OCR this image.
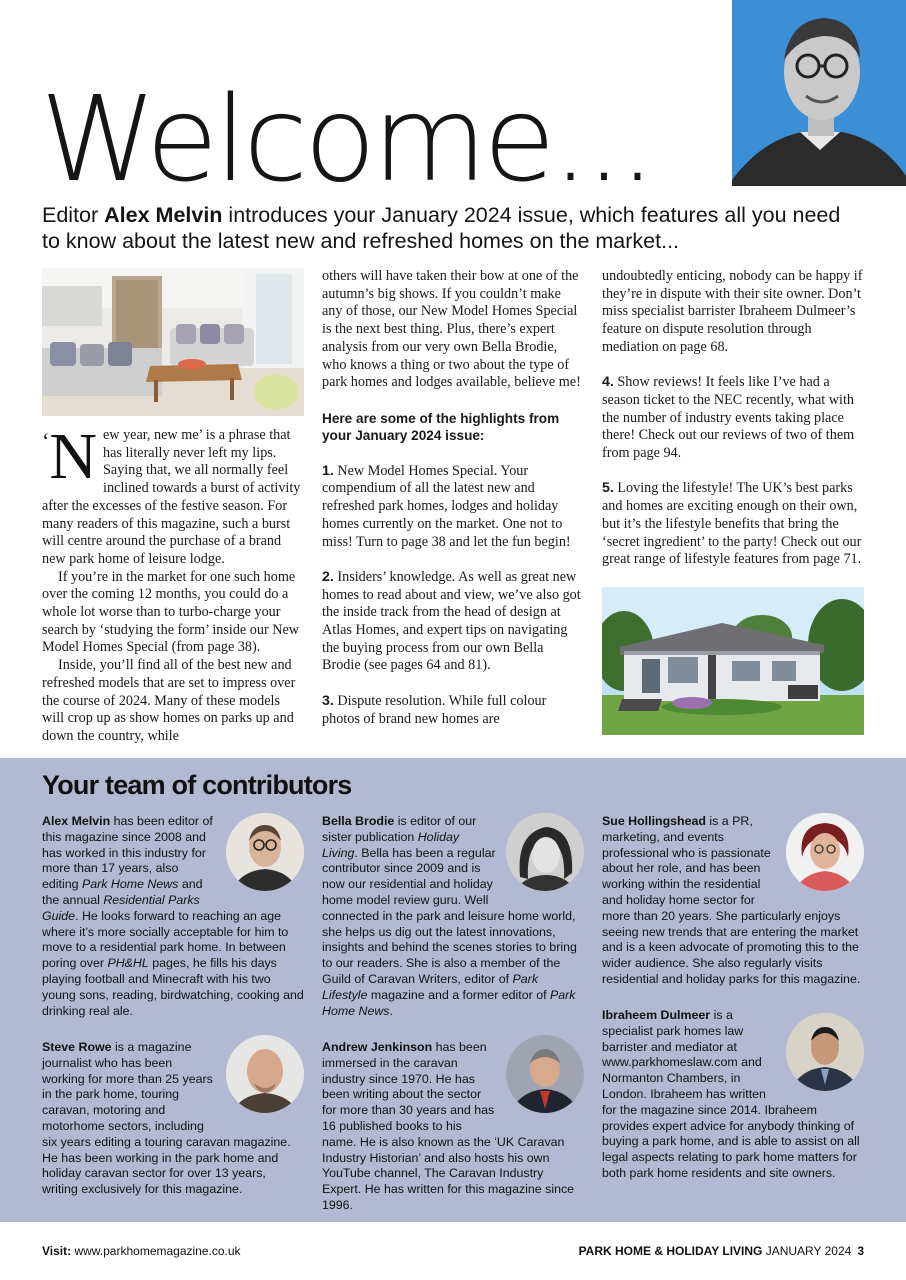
Welcome...
Editor Alex Melvin introduces your January 2024 issue, which features all you need to know about the latest new and refreshed homes on the market...

‘N ew year, new me’ is a phrase that has literally never left my lips. Saying that, we all normally feel inclined towards a burst of activity after the excesses of the festive season. For many readers of this magazine, such a burst will centre around the purchase of a brand new park home of leisure lodge.

If you’re in the market for one such home over the coming 12 months, you could do a whole lot worse than to turbo-charge your search by ‘studying the form’ inside our New Model Homes Special (from page 38).

Inside, you’ll find all of the best new and refreshed models that are set to impress over the course of 2024. Many of these models will crop up as show homes on parks up and down the country, while

others will have taken their bow at one of the autumn’s big shows. If you couldn’t make any of those, our New Model Homes Special is the next best thing. Plus, there’s expert analysis from our very own Bella Brodie, who knows a thing or two about the type of park homes and lodges available, believe me!

Here are some of the highlights from your January 2024 issue:

1. New Model Homes Special. Your compendium of all the latest new and refreshed park homes, lodges and holiday homes currently on the market. One not to miss! Turn to page 38 and let the fun begin!

2. Insiders’ knowledge. As well as great new homes to read about and view, we’ve also got the inside track from the head of design at Atlas Homes, and expert tips on navigating the buying process from our own Bella Brodie (see pages 64 and 81).

3. Dispute resolution. While full colour photos of brand new homes are

undoubtedly enticing, nobody can be happy if they’re in dispute with their site owner. Don’t miss specialist barrister Ibraheem Dulmeer’s feature on dispute resolution through mediation on page 68.

4. Show reviews! It feels like I’ve had a season ticket to the NEC recently, what with the number of industry events taking place there! Check out our reviews of two of them from page 94.

5. Loving the lifestyle! The UK’s best parks and homes are exciting enough on their own, but it’s the lifestyle benefits that bring the ‘secret ingredient’ to the party! Check out our great range of lifestyle features from page 71.

Your team of contributors

Alex Melvin has been editor of this magazine since 2008 and has worked in this industry for more than 17 years, also editing Park Home News and the annual Residential Parks Guide. He looks forward to reaching an age where it’s more socially acceptable for him to move to a residential park home. In between poring over PH&HL pages, he fills his days playing football and Minecraft with his two young sons, reading, birdwatching, cooking and drinking real ale.

Steve Rowe is a magazine journalist who has been working for more than 25 years in the park home, touring caravan, motoring and motorhome sectors, including six years editing a touring caravan magazine. He has been working in the park home and holiday caravan sector for over 13 years, writing exclusively for this magazine.

Bella Brodie is editor of our sister publication Holiday Living. Bella has been a regular contributor since 2009 and is now our residential and holiday home model review guru. Well connected in the park and leisure home world, she helps us dig out the latest innovations, insights and behind the scenes stories to bring to our readers. She is also a member of the Guild of Caravan Writers, editor of Park Lifestyle magazine and a former editor of Park Home News.

Andrew Jenkinson has been immersed in the caravan industry since 1970. He has been writing about the sector for more than 30 years and has 16 published books to his name. He is also known as the ‘UK Caravan Industry Historian’ and also hosts his own YouTube channel, The Caravan Industry Expert. He has written for this magazine since 1996.

Sue Hollingshead is a PR, marketing, and events professional who is passionate about her role, and has been working within the residential and holiday home sector for more than 20 years. She particularly enjoys seeing new trends that are entering the market and is a keen advocate of promoting this to the wider audience. She also regularly visits residential and holiday parks for this magazine.

Ibraheem Dulmeer is a specialist park homes law barrister and mediator at www.parkhomeslaw.com and Normanton Chambers, in London. Ibraheem has written for the magazine since 2014. Ibraheem provides expert advice for anybody thinking of buying a park home, and is able to assist on all legal aspects relating to park home matters for both park home residents and site owners.

Visit: www.parkhomemagazine.co.uk	PARK HOME & HOLIDAY LIVING JANUARY 2024 3
